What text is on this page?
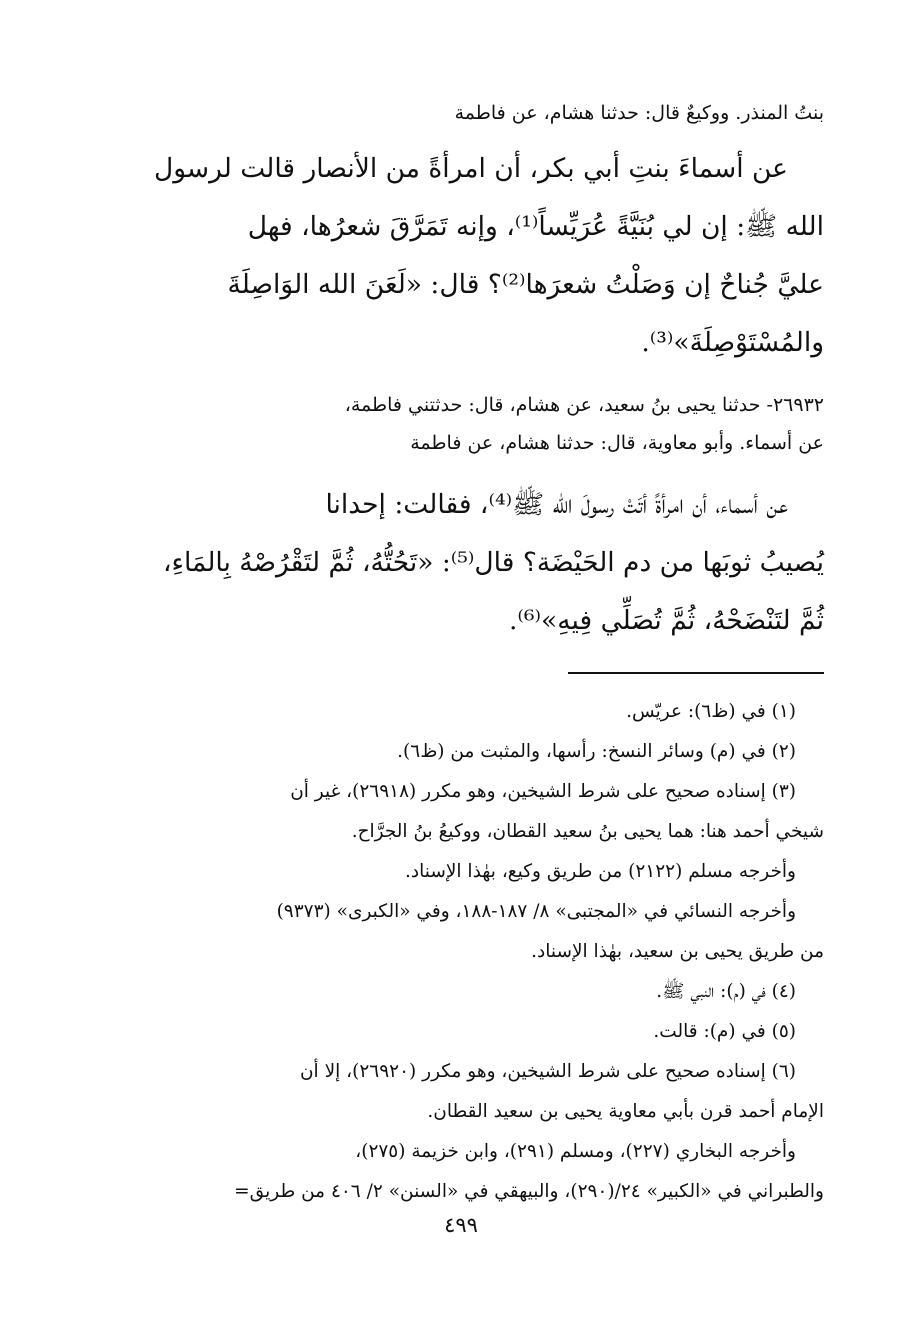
بنتُ المنذر. ووكيعٌ قال: حدثنا هشام، عن فاطمة

عن أسماءَ بنتِ أبي بكر، أن امرأةً من الأنصار قالت لرسول

الله ﷺ: إن لي بُنَيَّةً عُرَيِّساً⁽¹⁾، وإنه تَمَرَّقَ شعرُها، فهل

عليَّ جُناحٌ إن وَصَلْتُ شعرَها⁽²⁾؟ قال: «لَعَنَ الله الوَاصِلَةَ

والمُسْتَوْصِلَةَ»⁽³⁾.

٢٦٩٣٢- حدثنا يحيى بنُ سعيد، عن هشام، قال: حدثتني فاطمة،

عن أسماء. وأبو معاوية، قال: حدثنا هشام، عن فاطمة

عن أسماء، أن امرأةً أتَتْ رسولَ الله ﷺ⁽⁴⁾، فقالت: إحدانا

يُصيبُ ثوبَها من دم الحَيْضَة؟ قال⁽⁵⁾: «تَحُتُّهُ، ثُمَّ لتَقْرُصْهُ بِالمَاءِ،

ثُمَّ لتَنْضَحْهُ، ثُمَّ تُصَلِّي فِيهِ»⁽⁶⁾.

(١) في (ظ٦): عريّس.

(٢) في (م) وسائر النسخ: رأسها، والمثبت من (ظ٦).

(٣) إسناده صحيح على شرط الشيخين، وهو مكرر (٢٦٩١٨)، غير أن

شيخي أحمد هنا: هما يحيى بنُ سعيد القطان، ووكيعُ بنُ الجرَّاح.

وأخرجه مسلم (٢١٢٢) من طريق وكيع، بهٰذا الإسناد.

وأخرجه النسائي في «المجتبى» ٨/ ١٨٧-١٨٨، وفي «الكبرى» (٩٣٧٣)

من طريق يحيى بن سعيد، بهٰذا الإسناد.

(٤) في (م): النبي ﷺ.

(٥) في (م): قالت.

(٦) إسناده صحيح على شرط الشيخين، وهو مكرر (٢٦٩٢٠)، إلا أن

الإمام أحمد قرن بأبي معاوية يحيى بن سعيد القطان.

وأخرجه البخاري (٢٢٧)، ومسلم (٢٩١)، وابن خزيمة (٢٧٥)،

والطبراني في «الكبير» ٢٤/(٢٩٠)، والبيهقي في «السنن» ٢/ ٤٠٦ من طريق=

٤٩٩
